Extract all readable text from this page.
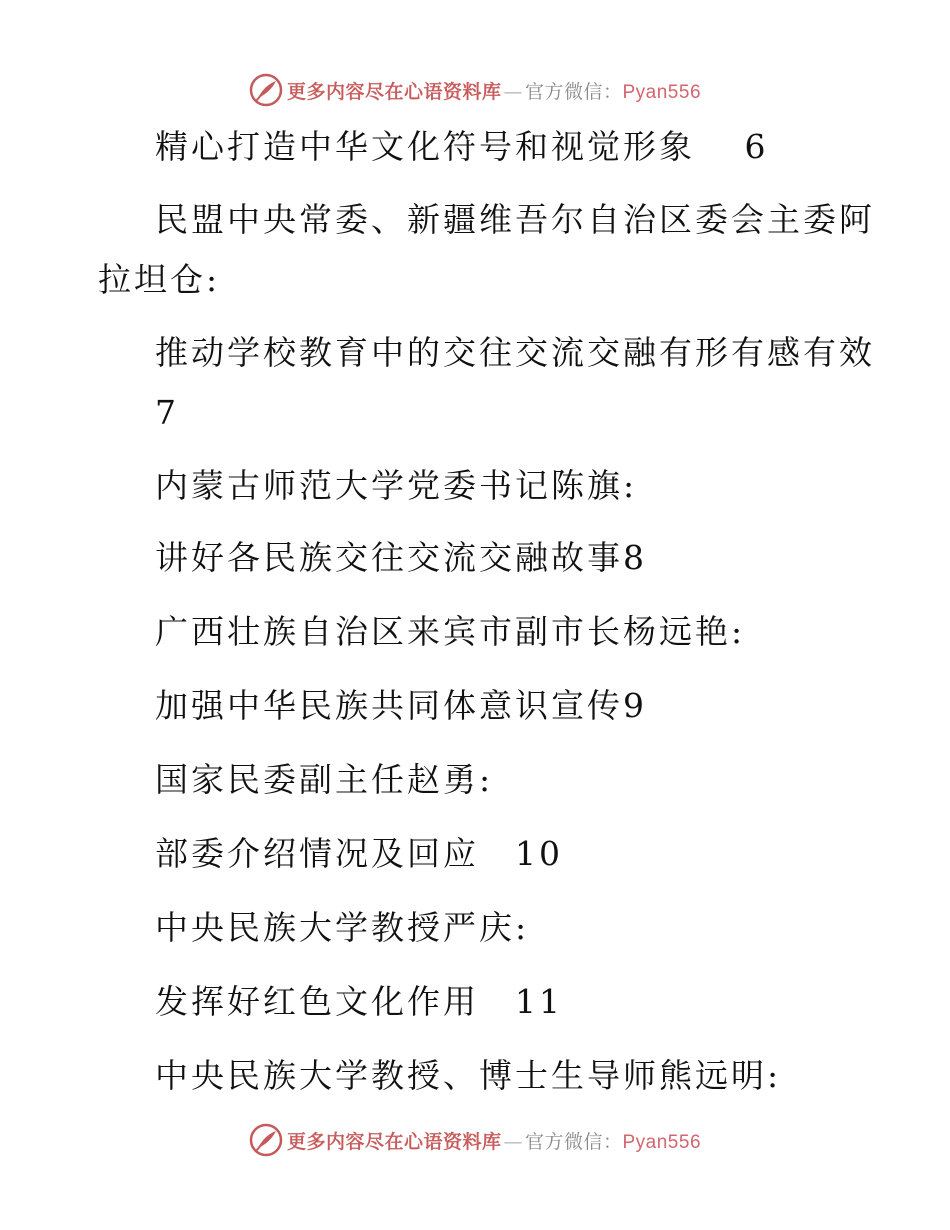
更多内容尽在心语资料库 — 官方微信：Pyan556
精心打造中华文化符号和视觉形象　 6
民盟中央常委、新疆维吾尔自治区委会主委阿
拉坦仓:
推动学校教育中的交往交流交融有形有感有效
7
内蒙古师范大学党委书记陈旗:
讲好各民族交往交流交融故事8
广西壮族自治区来宾市副市长杨远艳:
加强中华民族共同体意识宣传9
国家民委副主任赵勇:
部委介绍情况及回应　10
中央民族大学教授严庆:
发挥好红色文化作用　11
中央民族大学教授、博士生导师熊远明:
更多内容尽在心语资料库 — 官方微信：Pyan556
